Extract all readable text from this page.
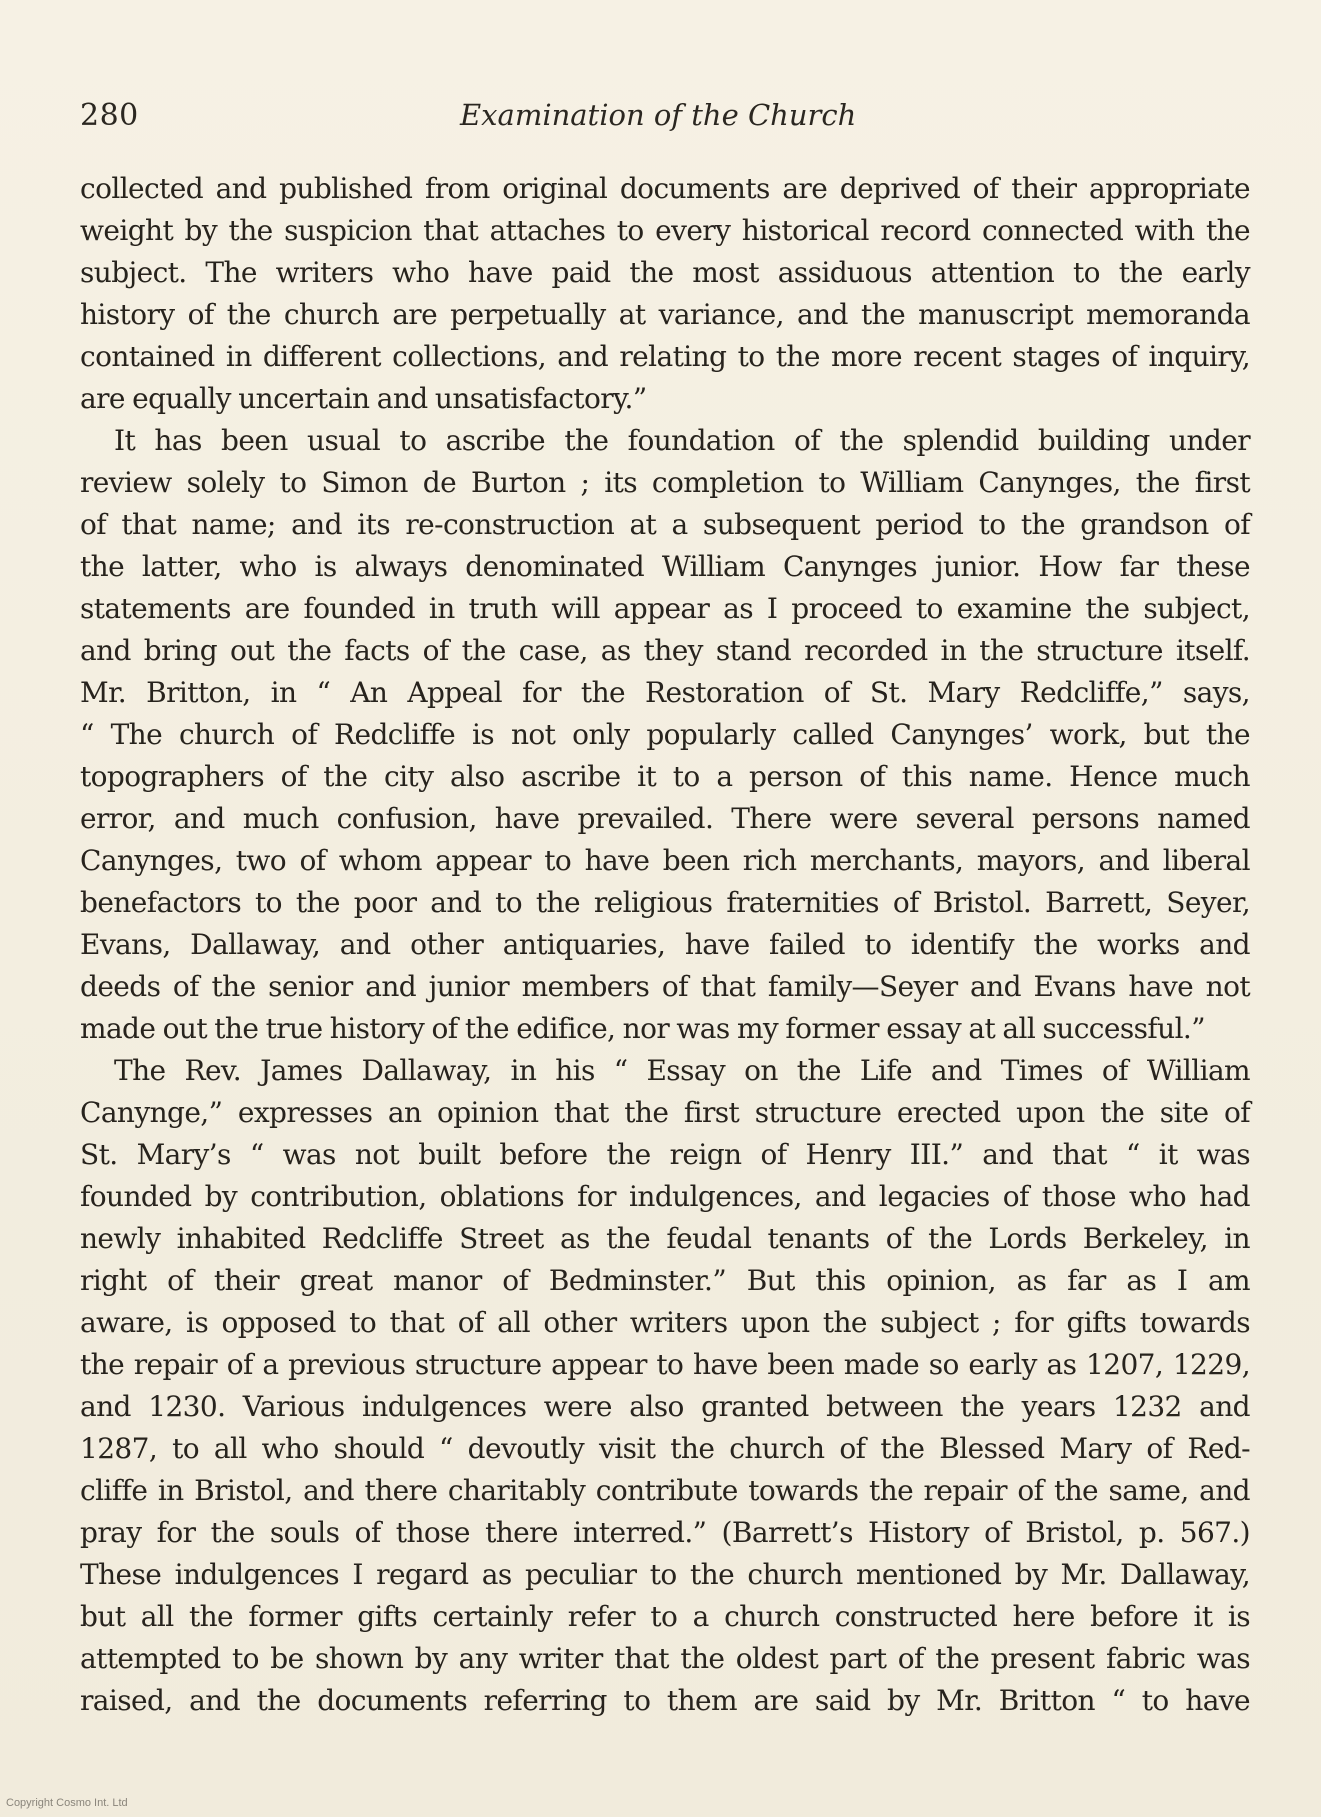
280	Examination of the Church
collected and published from original documents are deprived of their appropriate
weight by the suspicion that attaches to every historical record connected with the
subject. The writers who have paid the most assiduous attention to the early
history of the church are perpetually at variance, and the manuscript memoranda
contained in different collections, and relating to the more recent stages of inquiry,
are equally uncertain and unsatisfactory.”
It has been usual to ascribe the foundation of the splendid building under
review solely to Simon de Burton ; its completion to William Canynges, the first
of that name; and its re-construction at a subsequent period to the grandson of
the latter, who is always denominated William Canynges junior. How far these
statements are founded in truth will appear as I proceed to examine the subject,
and bring out the facts of the case, as they stand recorded in the structure itself.
Mr. Britton, in “ An Appeal for the Restoration of St. Mary Redcliffe,” says,
“ The church of Redcliffe is not only popularly called Canynges’ work, but the
topographers of the city also ascribe it to a person of this name. Hence much
error, and much confusion, have prevailed. There were several persons named
Canynges, two of whom appear to have been rich merchants, mayors, and liberal
benefactors to the poor and to the religious fraternities of Bristol. Barrett, Seyer,
Evans, Dallaway, and other antiquaries, have failed to identify the works and
deeds of the senior and junior members of that family—Seyer and Evans have not
made out the true history of the edifice, nor was my former essay at all successful.”
The Rev. James Dallaway, in his “ Essay on the Life and Times of William
Canynge,” expresses an opinion that the first structure erected upon the site of
St. Mary’s “ was not built before the reign of Henry III.” and that “ it was
founded by contribution, oblations for indulgences, and legacies of those who had
newly inhabited Redcliffe Street as the feudal tenants of the Lords Berkeley, in
right of their great manor of Bedminster.” But this opinion, as far as I am
aware, is opposed to that of all other writers upon the subject ; for gifts towards
the repair of a previous structure appear to have been made so early as 1207, 1229,
and 1230. Various indulgences were also granted between the years 1232 and
1287, to all who should “ devoutly visit the church of the Blessed Mary of Red-
cliffe in Bristol, and there charitably contribute towards the repair of the same, and
pray for the souls of those there interred.” (Barrett’s History of Bristol, p. 567.)
These indulgences I regard as peculiar to the church mentioned by Mr. Dallaway,
but all the former gifts certainly refer to a church constructed here before it is
attempted to be shown by any writer that the oldest part of the present fabric was
raised, and the documents referring to them are said by Mr. Britton “ to have
Copyright Cosmo Int. Ltd
